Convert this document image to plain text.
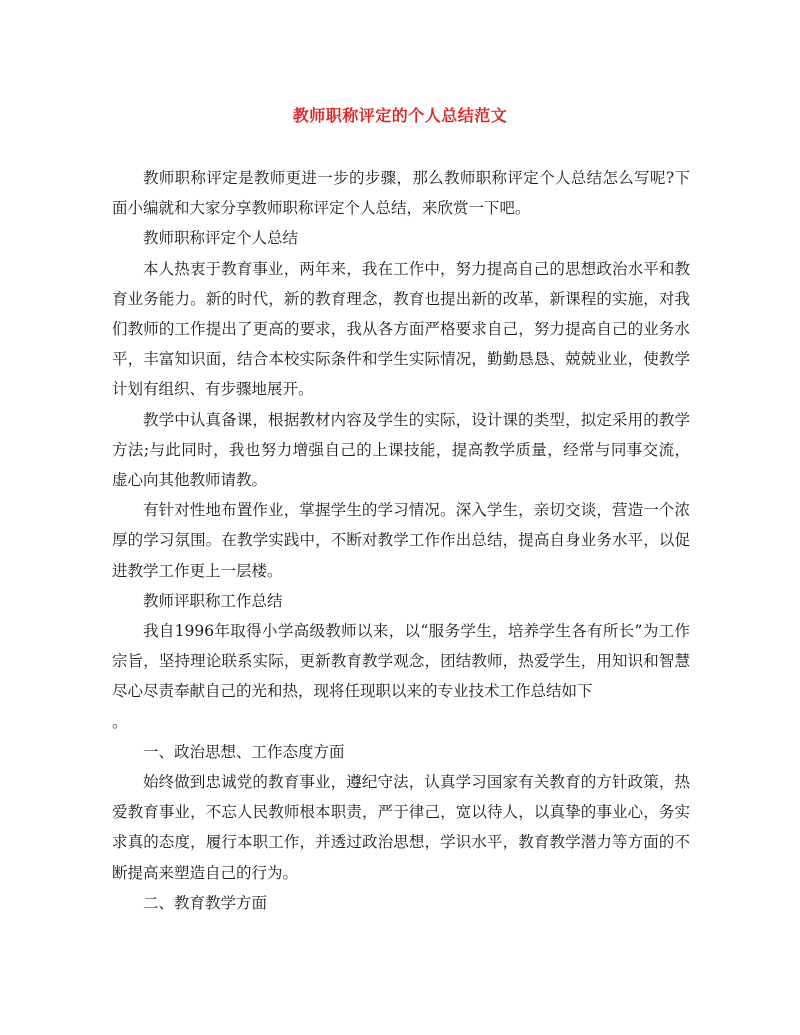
教师职称评定的个人总结范文

教师职称评定是教师更进一步的步骤，那么教师职称评定个人总结怎么写呢?下面小编就和大家分享教师职称评定个人总结，来欣赏一下吧。

教师职称评定个人总结

本人热衷于教育事业，两年来，我在工作中，努力提高自己的思想政治水平和教育业务能力。新的时代，新的教育理念，教育也提出新的改革，新课程的实施，对我们教师的工作提出了更高的要求，我从各方面严格要求自己，努力提高自己的业务水平，丰富知识面，结合本校实际条件和学生实际情况，勤勤恳恳、兢兢业业，使教学计划有组织、有步骤地展开。

教学中认真备课，根据教材内容及学生的实际，设计课的类型，拟定采用的教学方法;与此同时，我也努力增强自己的上课技能，提高教学质量，经常与同事交流，虚心向其他教师请教。

有针对性地布置作业，掌握学生的学习情况。深入学生，亲切交谈，营造一个浓厚的学习氛围。在教学实践中，不断对教学工作作出总结，提高自身业务水平，以促进教学工作更上一层楼。

教师评职称工作总结

我自1996年取得小学高级教师以来，以“服务学生，培养学生各有所长”为工作宗旨，坚持理论联系实际，更新教育教学观念，团结教师，热爱学生，用知识和智慧尽心尽责奉献自己的光和热，现将任现职以来的专业技术工作总结如下

。

一、政治思想、工作态度方面

始终做到忠诚党的教育事业，遵纪守法，认真学习国家有关教育的方针政策，热爱教育事业，不忘人民教师根本职责，严于律己，宽以待人，以真挚的事业心，务实求真的态度，履行本职工作，并透过政治思想，学识水平，教育教学潜力等方面的不断提高来塑造自己的行为。

二、教育教学方面
